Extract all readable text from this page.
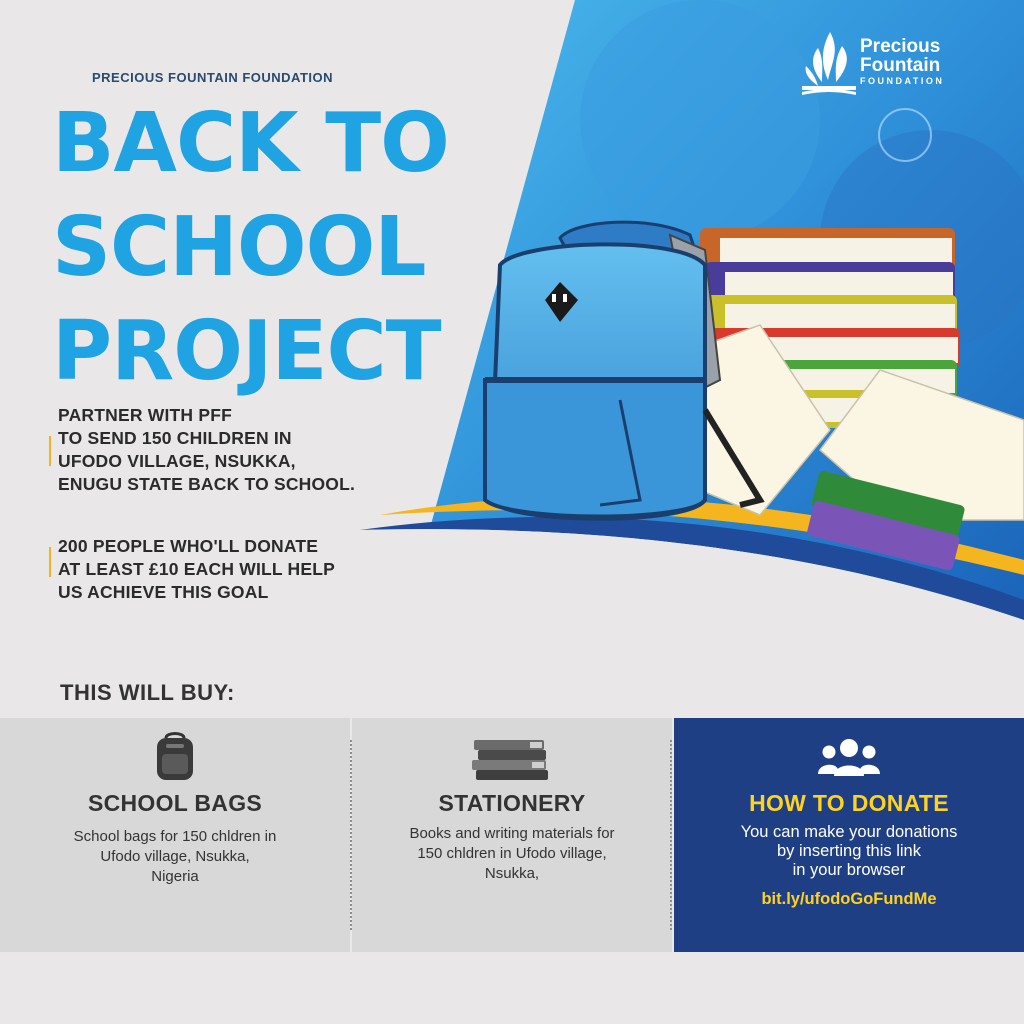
Precious
Fountain
FOUNDATION
PRECIOUS FOUNTAIN FOUNDATION
BACK TO
SCHOOL
PROJECT
PARTNER WITH PFF
TO SEND 150 CHILDREN IN
UFODO VILLAGE, NSUKKA,
ENUGU STATE BACK TO SCHOOL.
200 PEOPLE WHO'LL DONATE
AT LEAST £10 EACH WILL HELP
US ACHIEVE THIS GOAL
THIS WILL BUY:
SCHOOL BAGS
School bags for 150 chldren in
Ufodo village, Nsukka,
Nigeria
STATIONERY
Books and writing materials for
150 chldren in Ufodo village,
Nsukka,
HOW TO DONATE
You can make your donations
by inserting this link
in your browser
bit.ly/ufodoGoFundMe
